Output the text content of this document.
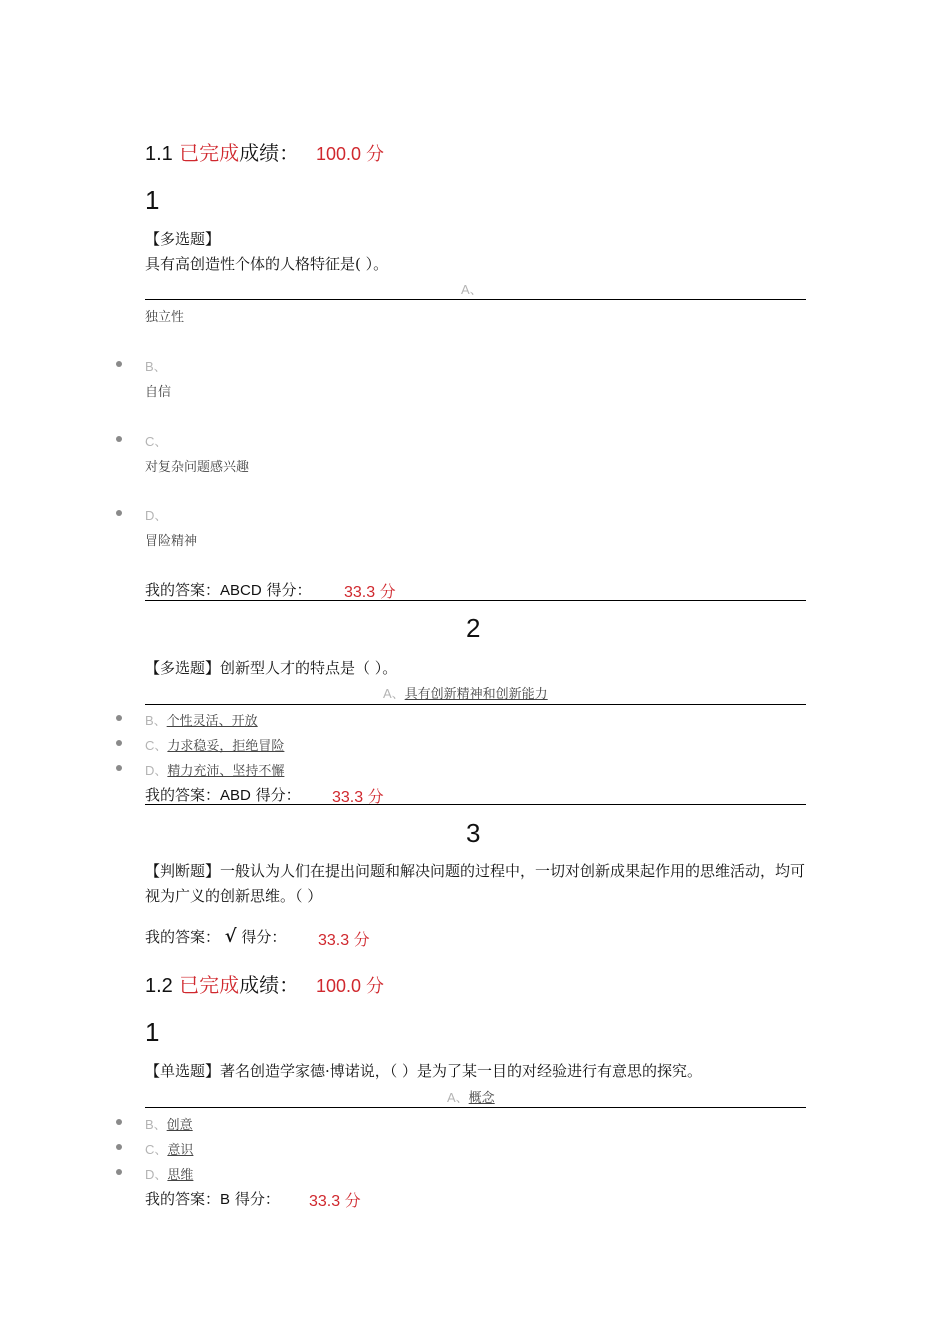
1.1 已完成成绩： 100.0 分
1
【多选题】
具有高创造性个体的人格特征是( ）。
A、
独立性
B、
自信
C、
对复杂问题感兴趣
D、
冒险精神
我的答案：ABCD 得分： 33.3 分
2
【多选题】创新型人才的特点是（ ）。
A、具有创新精神和创新能力
B、个性灵活、开放
C、力求稳妥，拒绝冒险
D、精力充沛、坚持不懈
我的答案：ABD 得分： 33.3 分
3
【判断题】一般认为人们在提出问题和解决问题的过程中，一切对创新成果起作用的思维活动，均可视为广义的创新思维。（ ）
我的答案： √ 得分： 33.3 分
1.2 已完成成绩： 100.0 分
1
【单选题】著名创造学家德·博诺说，（ ）是为了某一目的对经验进行有意思的探究。
A、概念
B、创意
C、意识
D、思维
我的答案：B 得分： 33.3 分
